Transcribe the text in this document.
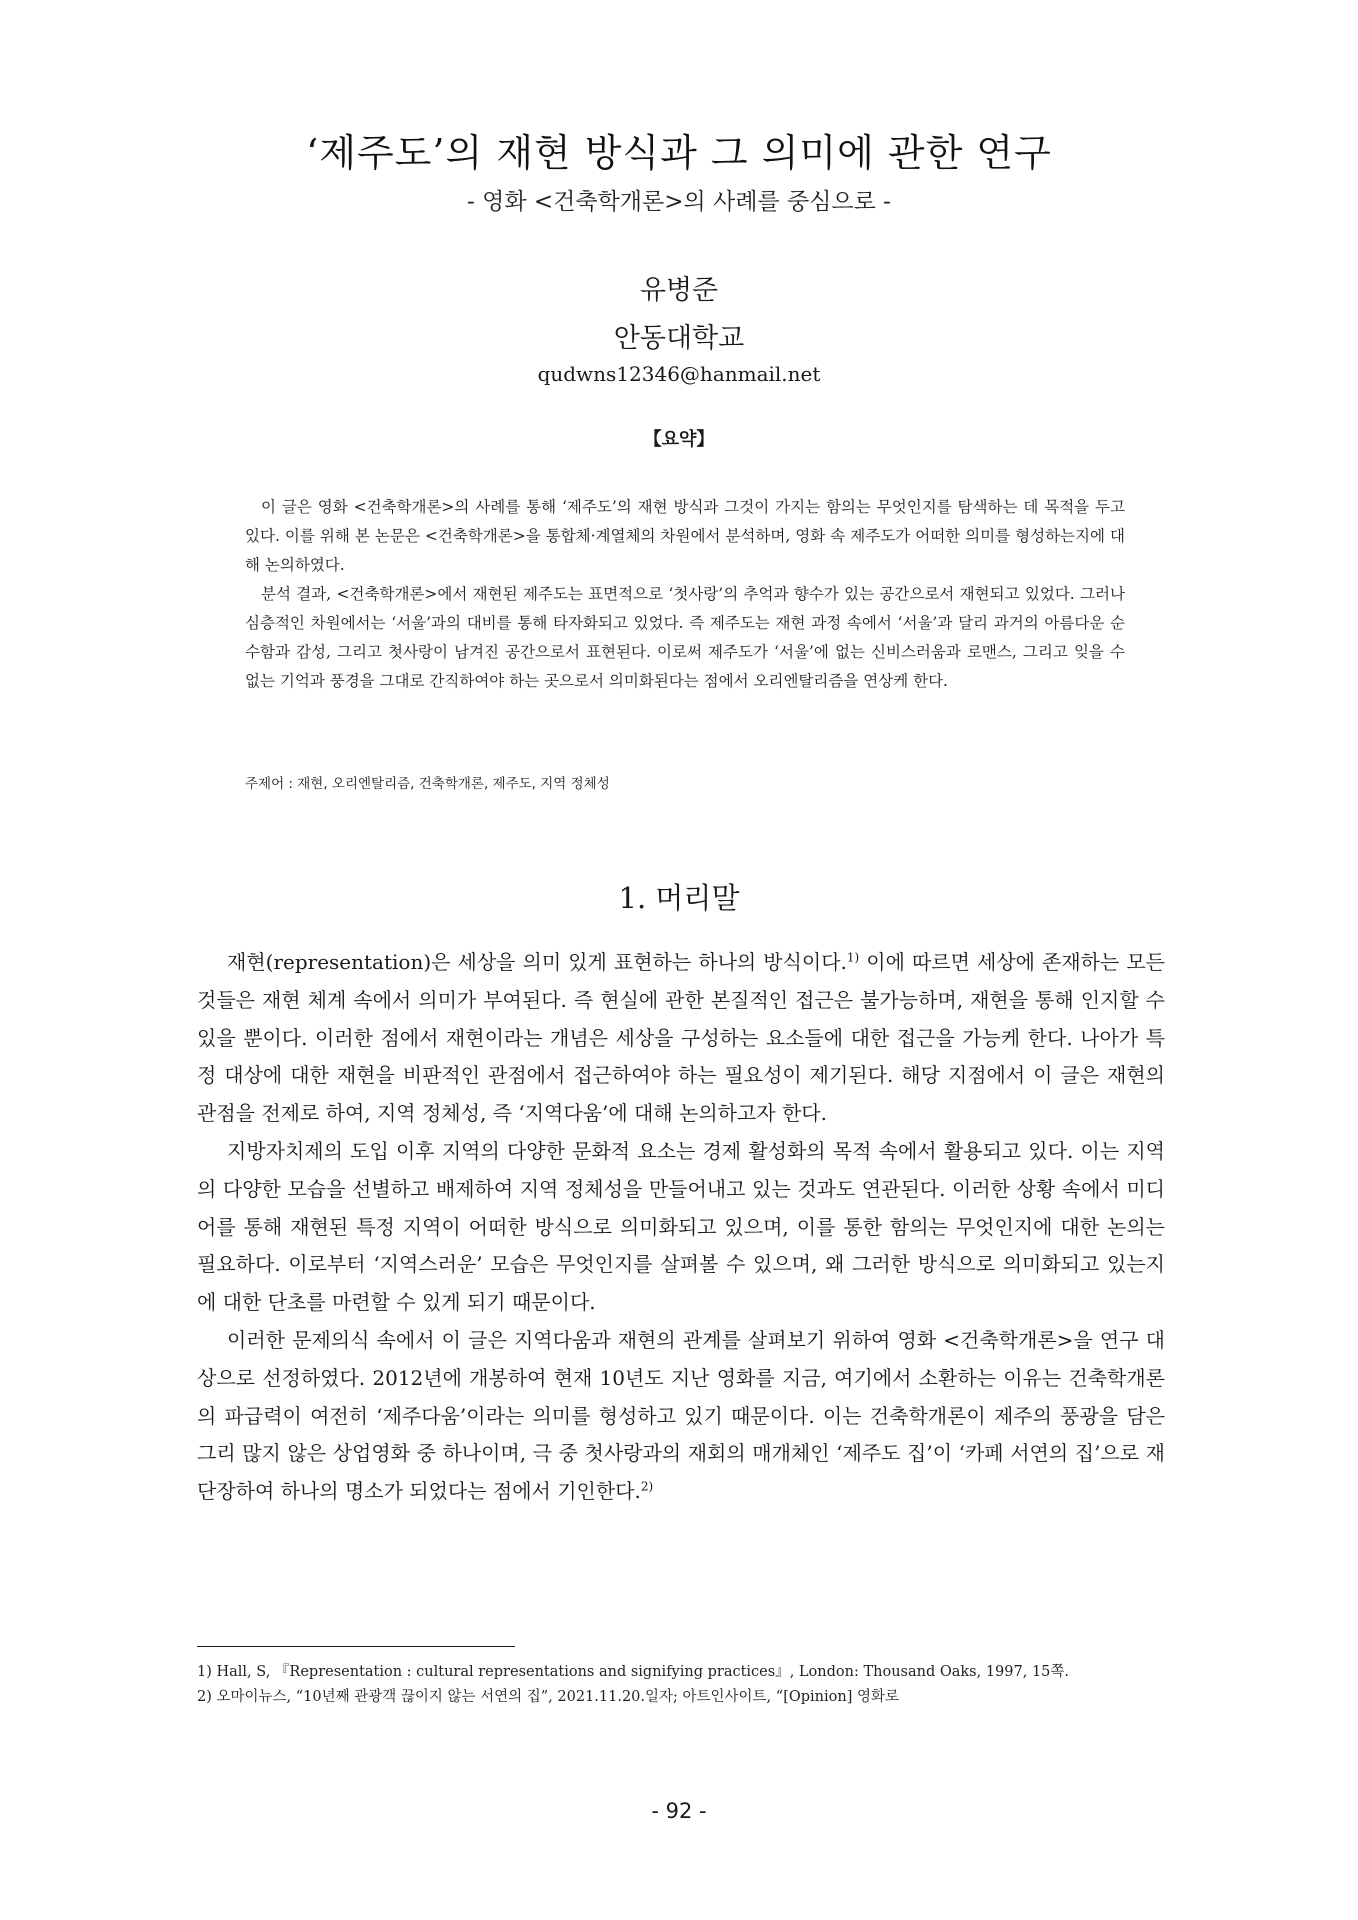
‘제주도’의 재현 방식과 그 의미에 관한 연구
- 영화 <건축학개론>의 사례를 중심으로 -
유병준
안동대학교
qudwns12346@hanmail.net
【요약】

이 글은 영화 <건축학개론>의 사례를 통해 ‘제주도’의 재현 방식과 그것이 가지는 함의는 무엇인지를 탐색하는 데 목적을 두고 있다. 이를 위해 본 논문은 <건축학개론>을 통합체·계열체의 차원에서 분석하며, 영화 속 제주도가 어떠한 의미를 형성하는지에 대해 논의하였다.

분석 결과, <건축학개론>에서 재현된 제주도는 표면적으로 ‘첫사랑’의 추억과 향수가 있는 공간으로서 재현되고 있었다. 그러나 심층적인 차원에서는 ‘서울’과의 대비를 통해 타자화되고 있었다. 즉 제주도는 재현 과정 속에서 ‘서울’과 달리 과거의 아름다운 순수함과 감성, 그리고 첫사랑이 남겨진 공간으로서 표현된다. 이로써 제주도가 ‘서울’에 없는 신비스러움과 로맨스, 그리고 잊을 수 없는 기억과 풍경을 그대로 간직하여야 하는 곳으로서 의미화된다는 점에서 오리엔탈리즘을 연상케 한다.

주제어 : 재현, 오리엔탈리즘, 건축학개론, 제주도, 지역 정체성
1. 머리말

재현(representation)은 세상을 의미 있게 표현하는 하나의 방식이다.$^{1)}$ 이에 따르면 세상에 존재하는 모든 것들은 재현 체계 속에서 의미가 부여된다. 즉 현실에 관한 본질적인 접근은 불가능하며, 재현을 통해 인지할 수 있을 뿐이다. 이러한 점에서 재현이라는 개념은 세상을 구성하는 요소들에 대한 접근을 가능케 한다. 나아가 특정 대상에 대한 재현을 비판적인 관점에서 접근하여야 하는 필요성이 제기된다. 해당 지점에서 이 글은 재현의 관점을 전제로 하여, 지역 정체성, 즉 ‘지역다움’에 대해 논의하고자 한다.

지방자치제의 도입 이후 지역의 다양한 문화적 요소는 경제 활성화의 목적 속에서 활용되고 있다. 이는 지역의 다양한 모습을 선별하고 배제하여 지역 정체성을 만들어내고 있는 것과도 연관된다. 이러한 상황 속에서 미디어를 통해 재현된 특정 지역이 어떠한 방식으로 의미화되고 있으며, 이를 통한 함의는 무엇인지에 대한 논의는 필요하다. 이로부터 ‘지역스러운’ 모습은 무엇인지를 살펴볼 수 있으며, 왜 그러한 방식으로 의미화되고 있는지에 대한 단초를 마련할 수 있게 되기 때문이다.

이러한 문제의식 속에서 이 글은 지역다움과 재현의 관계를 살펴보기 위하여 영화 <건축학개론>을 연구 대상으로 선정하였다. 2012년에 개봉하여 현재 10년도 지난 영화를 지금, 여기에서 소환하는 이유는 건축학개론의 파급력이 여전히 ‘제주다움’이라는 의미를 형성하고 있기 때문이다. 이는 건축학개론이 제주의 풍광을 담은 그리 많지 않은 상업영화 중 하나이며, 극 중 첫사랑과의 재회의 매개체인 ‘제주도 집’이 ‘카페 서연의 집’으로 재단장하여 하나의 명소가 되었다는 점에서 기인한다.$^{2)}$

1) Hall, S, 『Representation : cultural representations and signifying practices』, London: Thousand Oaks, 1997, 15쪽.

2) 오마이뉴스, “10년째 관광객 끊이지 않는 서연의 집”, 2021.11.20.일자; 아트인사이트, “[Opinion] 영화로

- 92 -
